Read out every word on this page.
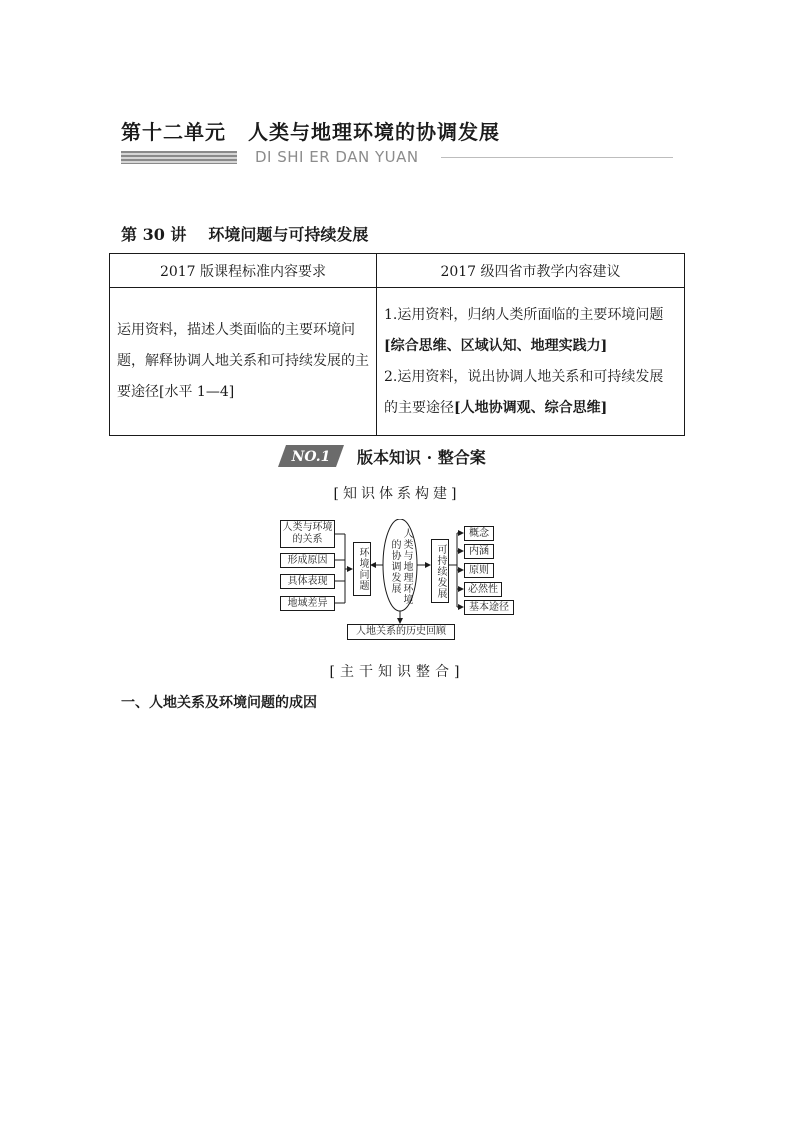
第十二单元 人类与地理环境的协调发展
DI SHI ER DAN YUAN
第 30 讲 环境问题与可持续发展
2017 版课程标准内容要求	2017 级四省市教学内容建议
运用资料，描述人类面临的主要环境问题，解释协调人地关系和可持续发展的主要途径[水平 1—4]	1.运用资料，归纳人类所面临的主要环境问题[综合思维、区域认知、地理实践力]
2.运用资料，说出协调人地关系和可持续发展的主要途径[人地协调观、综合思维]
NO.1 版本知识 · 整合案
[知识体系构建]
人类与环境的关系
形成原因
具体表现
地域差异
环境问题	人类与地理环境的协调发展	可持续发展
概念
内涵
原则
必然性
基本途径
人地关系的历史回顾
[主干知识整合]
一、人地关系及环境问题的成因
